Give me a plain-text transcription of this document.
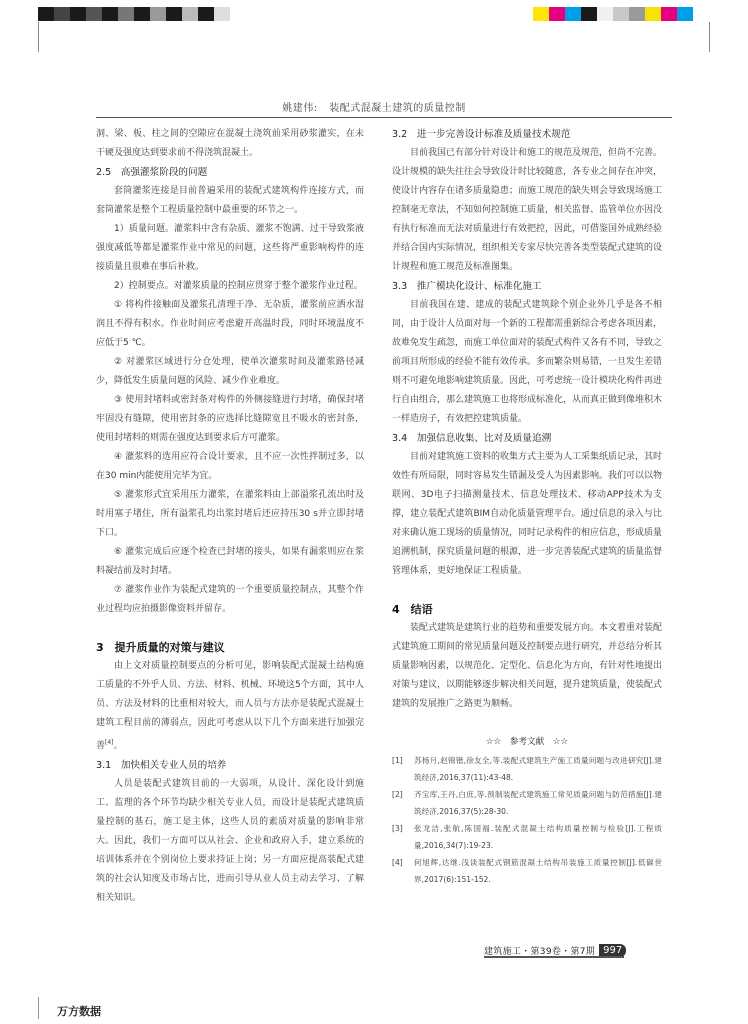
姚建伟: 装配式混凝土建筑的质量控制

洞、梁、板、柱之间的空隙应在混凝土浇筑前采用砂浆灌实，在未干硬及强度达到要求前不得浇筑混凝土。

2.5　高强灌浆阶段的问题

套筒灌浆连接是目前普遍采用的装配式建筑构件连接方式，而套筒灌浆是整个工程质量控制中最重要的环节之一。

1）质量问题。灌浆料中含有杂质、灌浆不饱满、过干导致浆液强度减低等都是灌浆作业中常见的问题，这些将严重影响构件的连接质量且很难在事后补救。

2）控制要点。对灌浆质量的控制应贯穿于整个灌浆作业过程。

① 将构件接触面及灌浆孔清理干净、无杂质，灌浆前应洒水湿润且不得有积水。作业时间应考虑避开高温时段，同时环境温度不应低于5 ℃。

② 对灌浆区域进行分仓处理，使单次灌浆时间及灌浆路径减少，降低发生质量问题的风险、减少作业难度。

③ 使用封堵料或密封条对构件的外侧接缝进行封堵，确保封堵牢固没有缝隙，使用密封条的应选择比缝隙宽且不吸水的密封条，使用封堵料的则需在强度达到要求后方可灌浆。

④ 灌浆料的选用应符合设计要求，且不应一次性拌制过多，以在30 min内能使用完毕为宜。

⑤ 灌浆形式宜采用压力灌浆，在灌浆料由上部溢浆孔流出时及时用塞子堵住，所有溢浆孔均出浆封堵后还应持压30 s并立即封堵下口。

⑥ 灌浆完成后应逐个检查已封堵的接头，如果有漏浆则应在浆料凝结前及时封堵。

⑦ 灌浆作业作为装配式建筑的一个重要质量控制点，其整个作业过程均应拍摄影像资料并留存。

3　提升质量的对策与建议

由上文对质量控制要点的分析可见，影响装配式混凝土结构施工质量的不外乎人员、方法、材料、机械、环境这5个方面，其中人员、方法及材料的比重相对较大，而人员与方法亦是装配式混凝土建筑工程目前的薄弱点，因此可考虑从以下几个方面来进行加强完善[4]。

3.1　加快相关专业人员的培养

人员是装配式建筑目前的一大弱项，从设计、深化设计到施工、监理的各个环节均缺少相关专业人员，而设计是装配式建筑质量控制的基石，施工是主体，这些人员的素质对质量的影响非常大。因此，我们一方面可以从社会、企业和政府入手，建立系统的培训体系并在个别岗位上要求持证上岗；另一方面应提高装配式建筑的社会认知度及市场占比，进而引导从业人员主动去学习、了解相关知识。

3.2　进一步完善设计标准及质量技术规范

目前我国已有部分针对设计和施工的规范及规范，但尚不完善。设计规模的缺失往往会导致设计时比较随意，各专业之间存在冲突，使设计内容存在诸多质量隐患；而施工规范的缺失则会导致现场施工控制毫无章法，不知如何控制施工质量，相关监督、监管单位亦因没有执行标准而无法对质量进行有效把控，因此，可借鉴国外成熟经验并结合国内实际情况，组织相关专家尽快完善各类型装配式建筑的设计规程和施工规范及标准图集。

3.3　推广模块化设计、标准化施工

目前我国在建、建成的装配式建筑除个别企业外几乎是各不相同，由于设计人员面对每一个新的工程都需重新综合考虑各项因素，故难免发生疏忽，而施工单位面对的装配式构件又各有不同，导致之前项目所形成的经验不能有效传承。多而繁杂则易错，一旦发生差错则不可避免地影响建筑质量。因此，可考虑统一设计模块化构件再进行自由组合，那么建筑施工也将形成标准化，从而真正做到像堆积木一样造房子，有效把控建筑质量。

3.4　加强信息收集、比对及质量追溯

目前对建筑施工资料的收集方式主要为人工采集纸质记录，其时效性有所局限，同时容易发生错漏及受人为因素影响。我们可以以物联网、3D电子扫描测量技术、信息处理技术、移动APP技术为支撑，建立装配式建筑BIM自动化质量管理平台。通过信息的录入与比对来确认施工现场的质量情况，同时记录构件的相应信息，形成质量追溯机制，探究质量问题的根源，进一步完善装配式建筑的质量监督管理体系，更好地保证工程质量。

4　结语

装配式建筑是建筑行业的趋势和重要发展方向。本文着重对装配式建筑施工期间的常见质量问题及控制要点进行研究，并总结分析其质量影响因素，以规范化、定型化、信息化为方向，有针对性地提出对策与建议，以期能够逐步解决相关问题，提升建筑质量，使装配式建筑的发展推广之路更为顺畅。

☆☆　参考文献　☆☆

[1]	苏杨月,赵锦锴,徐友全,等.装配式建筑生产施工质量问题与改进研究[J].建筑经济,2016,37(11):43-48.
[2]	齐宝库,王丹,白庶,等.预制装配式建筑施工常见质量问题与防范措施[J].建筑经济,2016,37(5):28-30.
[3]	张龙洁,张航,陈国福.装配式混凝土结构质量控制与检验[J].工程质量,2016,34(7):19-23.
[4]	何旭辉,达继.浅谈装配式钢筋混凝土结构吊装施工质量控制[J].低碳世界,2017(6):151-152.
建筑施工・第39卷・第7期 997
万方数据
